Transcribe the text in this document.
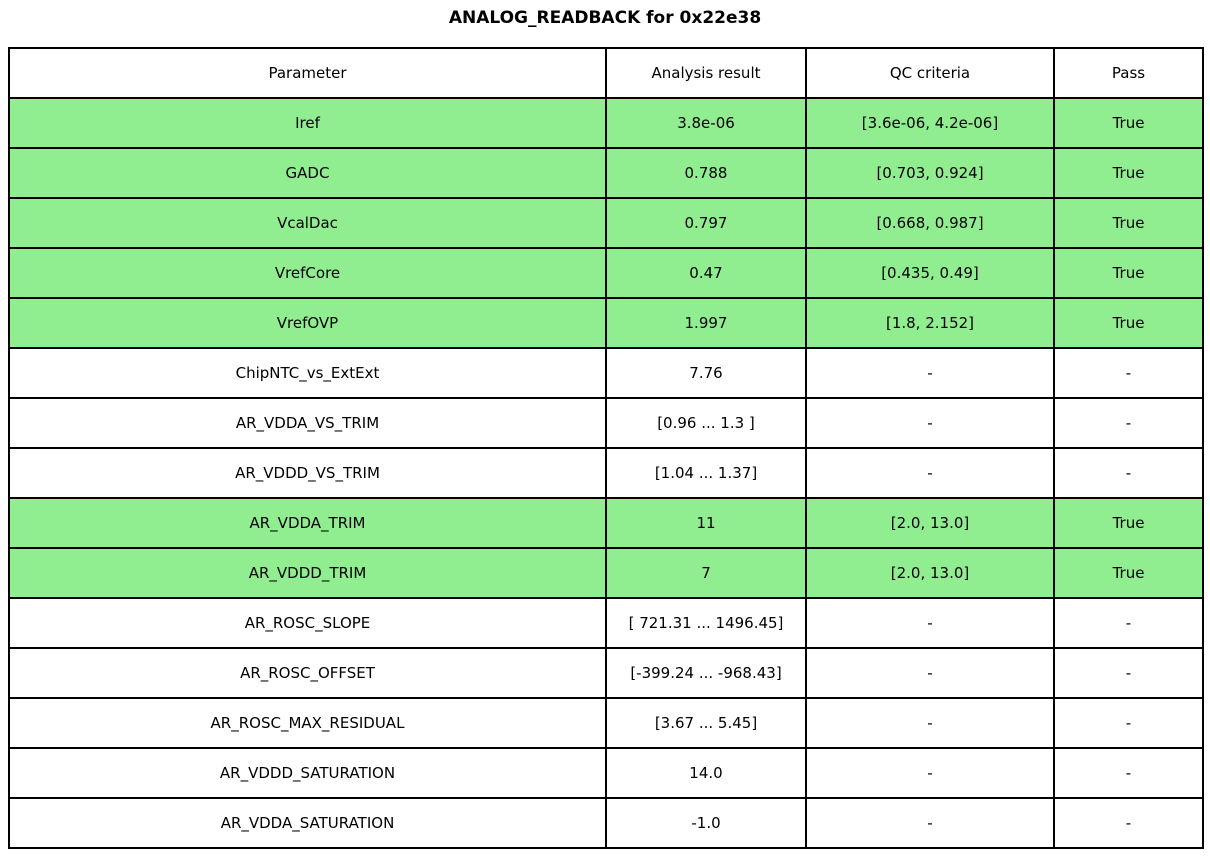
ANALOG_READBACK for 0x22e38
Parameter	Analysis result	QC criteria	Pass
Iref	3.8e-06	[3.6e-06, 4.2e-06]	True
GADC	0.788	[0.703, 0.924]	True
VcalDac	0.797	[0.668, 0.987]	True
VrefCore	0.47	[0.435, 0.49]	True
VrefOVP	1.997	[1.8, 2.152]	True
ChipNTC_vs_ExtExt	7.76	-	-
AR_VDDA_VS_TRIM	[0.96 ... 1.3 ]	-	-
AR_VDDD_VS_TRIM	[1.04 ... 1.37]	-	-
AR_VDDA_TRIM	11	[2.0, 13.0]	True
AR_VDDD_TRIM	7	[2.0, 13.0]	True
AR_ROSC_SLOPE	[ 721.31 ... 1496.45]	-	-
AR_ROSC_OFFSET	[-399.24 ... -968.43]	-	-
AR_ROSC_MAX_RESIDUAL	[3.67 ... 5.45]	-	-
AR_VDDD_SATURATION	14.0	-	-
AR_VDDA_SATURATION	-1.0	-	-
